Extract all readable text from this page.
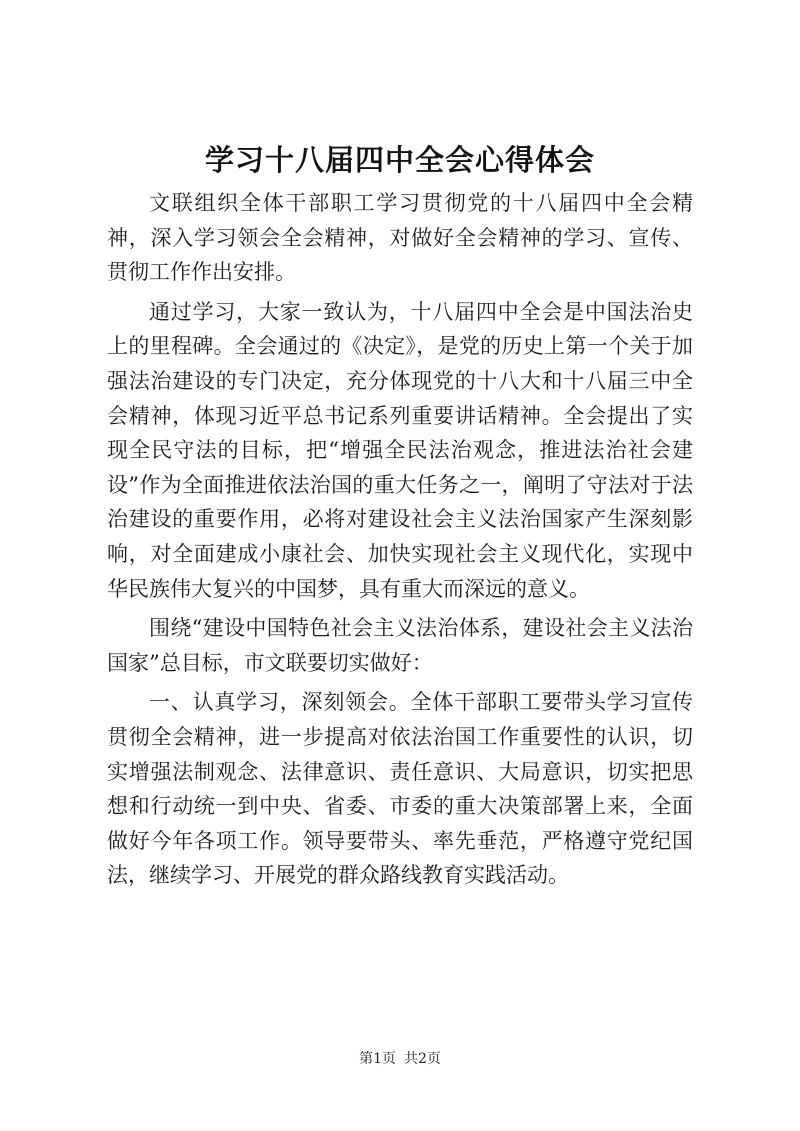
学习十八届四中全会心得体会

文联组织全体干部职工学习贯彻党的十八届四中全会精神，深入学习领会全会精神，对做好全会精神的学习、宣传、贯彻工作作出安排。

通过学习，大家一致认为，十八届四中全会是中国法治史上的里程碑。全会通过的《决定》，是党的历史上第一个关于加强法治建设的专门决定，充分体现党的十八大和十八届三中全会精神，体现习近平总书记系列重要讲话精神。全会提出了实现全民守法的目标，把“增强全民法治观念，推进法治社会建设”作为全面推进依法治国的重大任务之一，阐明了守法对于法治建设的重要作用，必将对建设社会主义法治国家产生深刻影响，对全面建成小康社会、加快实现社会主义现代化，实现中华民族伟大复兴的中国梦，具有重大而深远的意义。

围绕“建设中国特色社会主义法治体系，建设社会主义法治国家”总目标，市文联要切实做好：

一、认真学习，深刻领会。全体干部职工要带头学习宣传贯彻全会精神，进一步提高对依法治国工作重要性的认识，切实增强法制观念、法律意识、责任意识、大局意识，切实把思想和行动统一到中央、省委、市委的重大决策部署上来，全面做好今年各项工作。领导要带头、率先垂范，严格遵守党纪国法，继续学习、开展党的群众路线教育实践活动。

第1页 共2页
